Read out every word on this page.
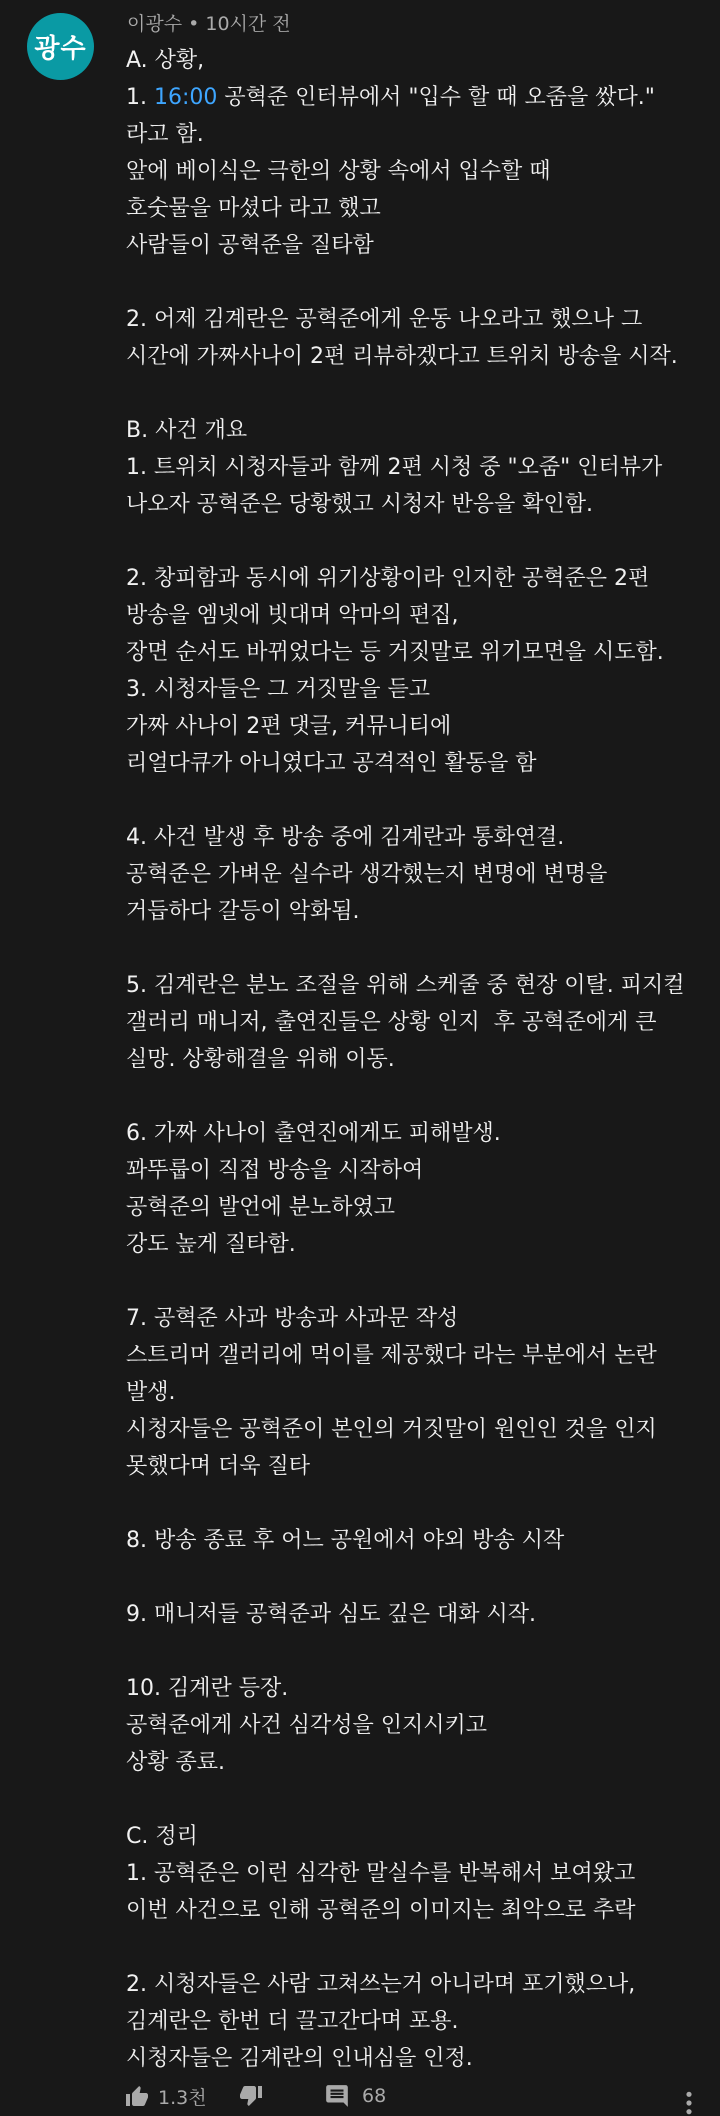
광수
이광수 • 10시간 전
A. 상황,
1. 16:00 공혁준 인터뷰에서 "입수 할 때 오줌을 쌌다."
라고 함.
앞에 베이식은 극한의 상황 속에서 입수할 때
호숫물을 마셨다 라고 했고
사람들이 공혁준을 질타함
2. 어제 김계란은 공혁준에게 운동 나오라고 했으나 그
시간에 가짜사나이 2편 리뷰하겠다고 트위치 방송을 시작.
B. 사건 개요
1. 트위치 시청자들과 함께 2편 시청 중 "오줌" 인터뷰가
나오자 공혁준은 당황했고 시청자 반응을 확인함.
2. 창피함과 동시에 위기상황이라 인지한 공혁준은 2편
방송을 엠넷에 빗대며 악마의 편집,
장면 순서도 바뀌었다는 등 거짓말로 위기모면을 시도함.
3. 시청자들은 그 거짓말을 듣고
가짜 사나이 2편 댓글, 커뮤니티에
리얼다큐가 아니였다고 공격적인 활동을 함
4. 사건 발생 후 방송 중에 김계란과 통화연결.
공혁준은 가벼운 실수라 생각했는지 변명에 변명을
거듭하다 갈등이 악화됨.
5. 김계란은 분노 조절을 위해 스케줄 중 현장 이탈. 피지컬
갤러리 매니저, 출연진들은 상황 인지  후 공혁준에게 큰
실망. 상황해결을 위해 이동.
6. 가짜 사나이 출연진에게도 피해발생.
꽈뚜룹이 직접 방송을 시작하여
공혁준의 발언에 분노하였고
강도 높게 질타함.
7. 공혁준 사과 방송과 사과문 작성
스트리머 갤러리에 먹이를 제공했다 라는 부분에서 논란
발생.
시청자들은 공혁준이 본인의 거짓말이 원인인 것을 인지
못했다며 더욱 질타
8. 방송 종료 후 어느 공원에서 야외 방송 시작
9. 매니저들 공혁준과 심도 깊은 대화 시작.
10. 김계란 등장.
공혁준에게 사건 심각성을 인지시키고
상황 종료.
C. 정리
1. 공혁준은 이런 심각한 말실수를 반복해서 보여왔고
이번 사건으로 인해 공혁준의 이미지는 최악으로 추락
2. 시청자들은 사람 고쳐쓰는거 아니라며 포기했으나,
김계란은 한번 더 끌고간다며 포용.
시청자들은 김계란의 인내심을 인정.
1.3천	68
